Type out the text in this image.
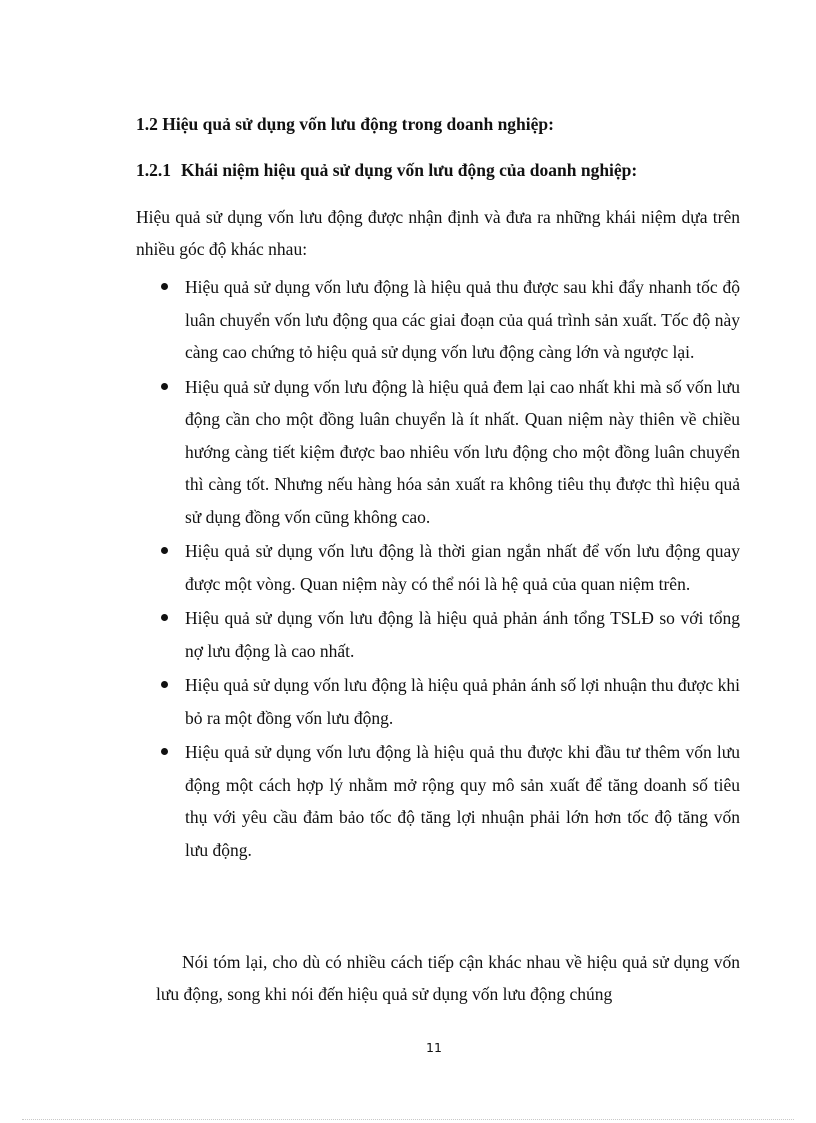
1.2 Hiệu quả sử dụng vốn lưu động trong doanh nghiệp:
1.2.1 Khái niệm hiệu quả sử dụng vốn lưu động của doanh nghiệp:
Hiệu quả sử dụng vốn lưu động được nhận định và đưa ra những khái niệm dựa trên nhiều góc độ khác nhau:
Hiệu quả sử dụng vốn lưu động là hiệu quả thu được sau khi đẩy nhanh tốc độ luân chuyển vốn lưu động qua các giai đoạn của quá trình sản xuất. Tốc độ này càng cao chứng tỏ hiệu quả sử dụng vốn lưu động càng lớn và ngược lại.
Hiệu quả sử dụng vốn lưu động là hiệu quả đem lại cao nhất khi mà số vốn lưu động cần cho một đồng luân chuyển là ít nhất. Quan niệm này thiên về chiều hướng càng tiết kiệm được bao nhiêu vốn lưu động cho một đồng luân chuyển thì càng tốt. Nhưng nếu hàng hóa sản xuất ra không tiêu thụ được thì hiệu quả sử dụng đồng vốn cũng không cao.
Hiệu quả sử dụng vốn lưu động là thời gian ngắn nhất để vốn lưu động quay được một vòng. Quan niệm này có thể nói là hệ quả của quan niệm trên.
Hiệu quả sử dụng vốn lưu động là hiệu quả phản ánh tổng TSLĐ so với tổng nợ lưu động là cao nhất.
Hiệu quả sử dụng vốn lưu động là hiệu quả phản ánh số lợi nhuận thu được khi bỏ ra một đồng vốn lưu động.
Hiệu quả sử dụng vốn lưu động là hiệu quả thu được khi đầu tư thêm vốn lưu động một cách hợp lý nhằm mở rộng quy mô sản xuất để tăng doanh số tiêu thụ với yêu cầu đảm bảo tốc độ tăng lợi nhuận phải lớn hơn tốc độ tăng vốn lưu động.
Nói tóm lại, cho dù có nhiều cách tiếp cận khác nhau về hiệu quả sử dụng vốn lưu động, song khi nói đến hiệu quả sử dụng vốn lưu động chúng
11
